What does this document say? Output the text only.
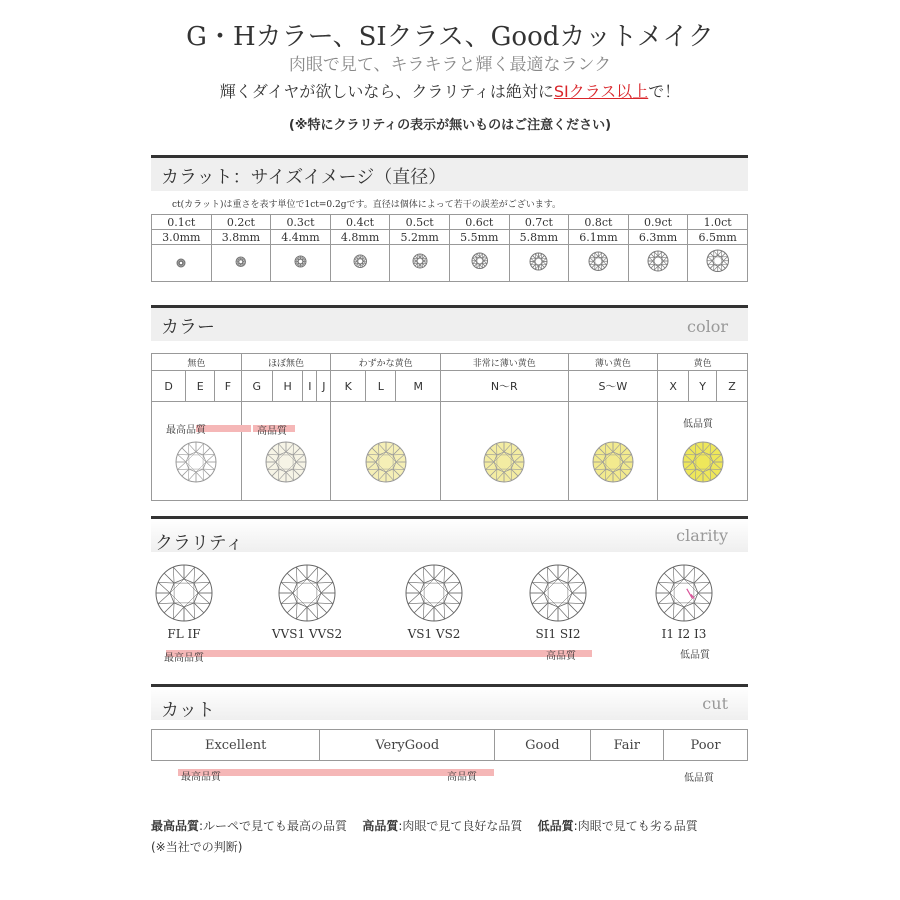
G・Hカラー、SIクラス、Goodカットメイク
肉眼で見て、キラキラと輝く最適なランク
輝くダイヤが欲しいなら、クラリティは絶対にSIクラス以上で！
(※特にクラリティの表示が無いものはご注意ください)
カラット：サイズイメージ（直径）
ct(カラット)は重さを表す単位で1ct=0.2gです。直径は個体によって若干の誤差がございます。
0.1ct	0.2ct	0.3ct	0.4ct	0.5ct	0.6ct	0.7ct	0.8ct	0.9ct	1.0ct
3.0mm	3.8mm	4.4mm	4.8mm	5.2mm	5.5mm	5.8mm	6.1mm	6.3mm	6.5mm

カラー	color
無色			ほぼ無色				わずかな黄色			非常に薄い黄色	薄い黄色	黄色		
D	E	F	G	H	I	J	K	L	M	N～R	S～W	X	Y	Z

最高品質	高品質
低品質
クラリティ	clarity
FL IF	VVS1 VVS2	VS1 VS2	SI1 SI2	I1 I2 I3
最高品質	高品質	低品質
カット	cut
Excellent	VeryGood	Good	Fair	Poor
最高品質	高品質	低品質
最高品質:ルーペで見ても最高の品質 高品質:肉眼で見て良好な品質 低品質:肉眼で見ても劣る品質
(※当社での判断)
